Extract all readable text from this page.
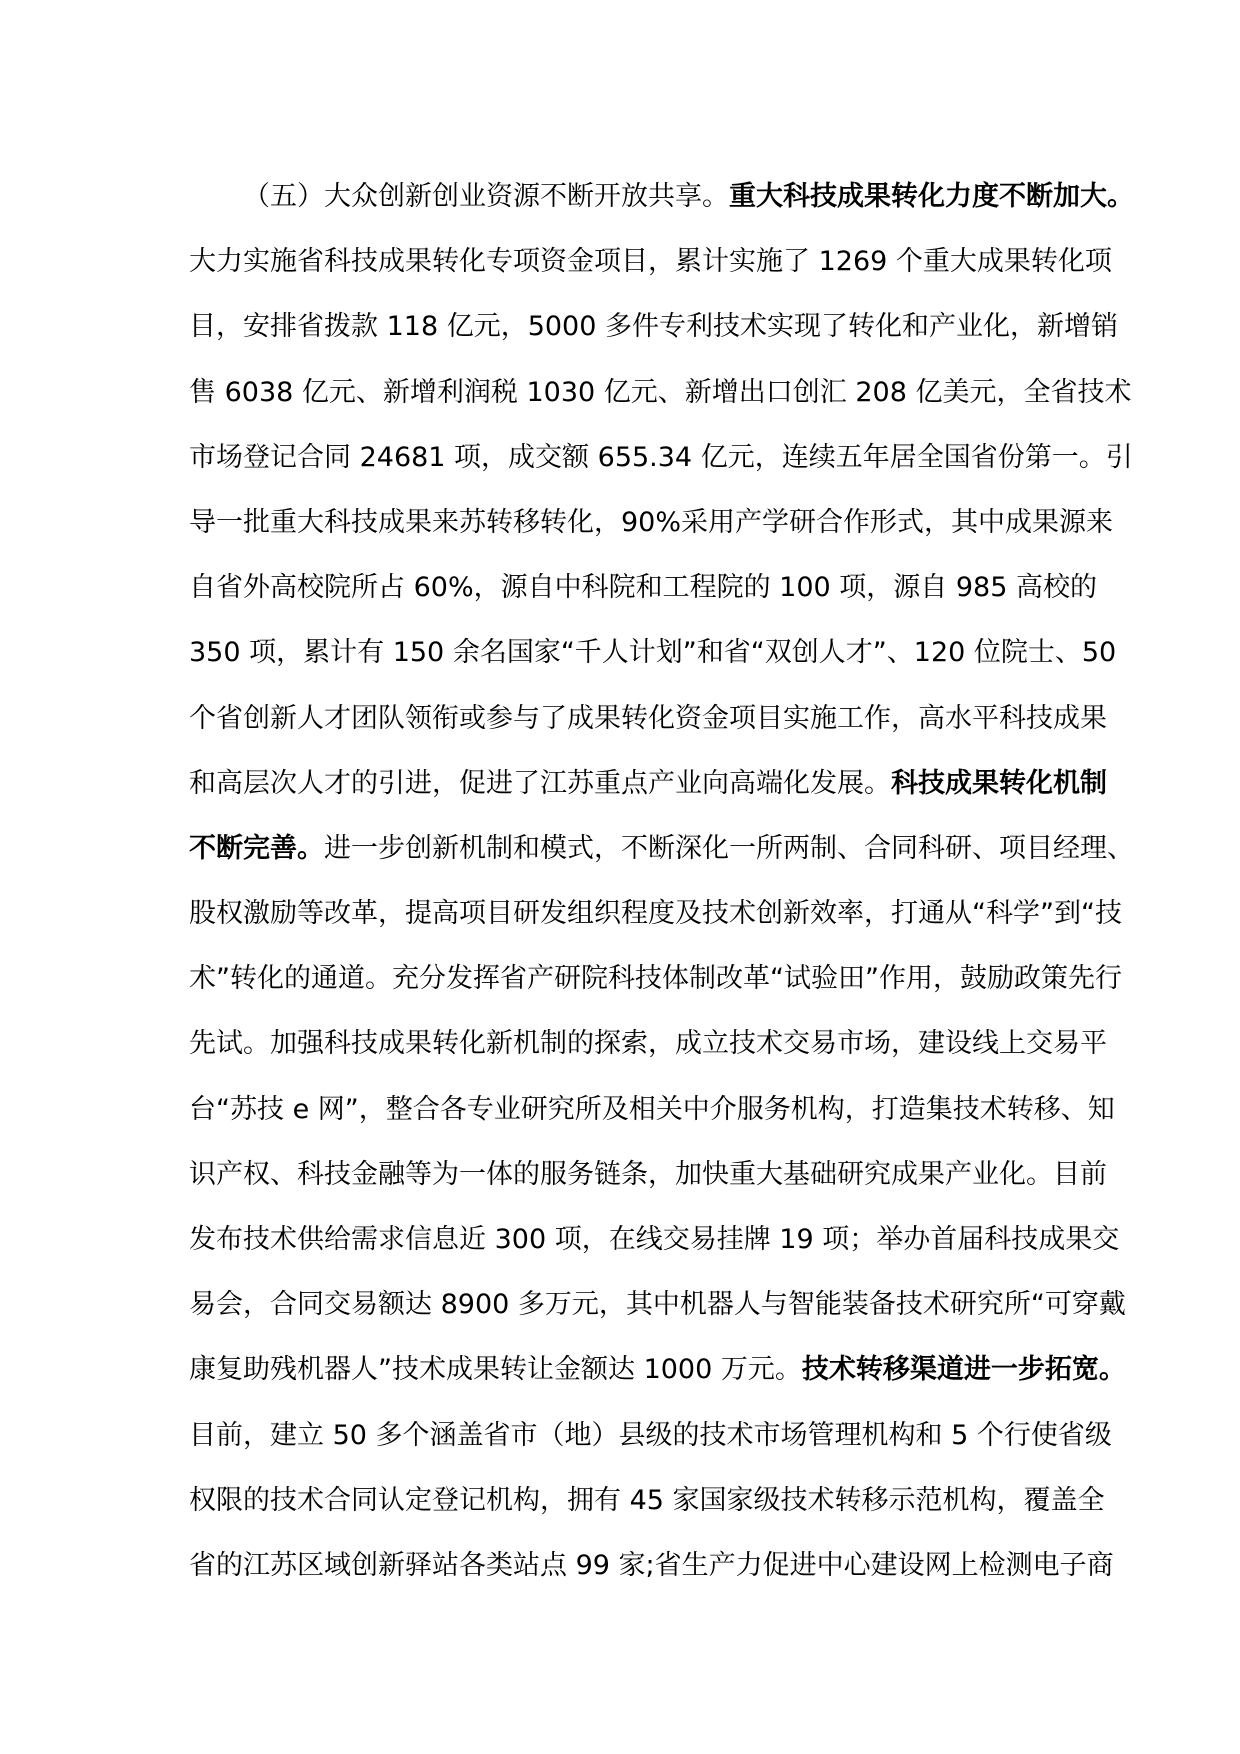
（五）大众创新创业资源不断开放共享。重大科技成果转化力度不断加大。
大力实施省科技成果转化专项资金项目，累计实施了 1269 个重大成果转化项
目，安排省拨款 118 亿元，5000 多件专利技术实现了转化和产业化，新增销
售 6038 亿元、新增利润税 1030 亿元、新增出口创汇 208 亿美元，全省技术
市场登记合同 24681 项，成交额 655.34 亿元，连续五年居全国省份第一。引
导一批重大科技成果来苏转移转化，90%采用产学研合作形式，其中成果源来
自省外高校院所占 60%，源自中科院和工程院的 100 项，源自 985 高校的
350 项，累计有 150 余名国家“千人计划”和省“双创人才”、120 位院士、50
个省创新人才团队领衔或参与了成果转化资金项目实施工作，高水平科技成果
和高层次人才的引进，促进了江苏重点产业向高端化发展。科技成果转化机制
不断完善。进一步创新机制和模式，不断深化一所两制、合同科研、项目经理、
股权激励等改革，提高项目研发组织程度及技术创新效率，打通从“科学”到“技
术”转化的通道。充分发挥省产研院科技体制改革“试验田”作用，鼓励政策先行
先试。加强科技成果转化新机制的探索，成立技术交易市场，建设线上交易平
台“苏技 e 网”，整合各专业研究所及相关中介服务机构，打造集技术转移、知
识产权、科技金融等为一体的服务链条，加快重大基础研究成果产业化。目前
发布技术供给需求信息近 300 项，在线交易挂牌 19 项；举办首届科技成果交
易会，合同交易额达 8900 多万元，其中机器人与智能装备技术研究所“可穿戴
康复助残机器人”技术成果转让金额达 1000 万元。技术转移渠道进一步拓宽。
目前，建立 50 多个涵盖省市（地）县级的技术市场管理机构和 5 个行使省级
权限的技术合同认定登记机构，拥有 45 家国家级技术转移示范机构，覆盖全
省的江苏区域创新驿站各类站点 99 家;省生产力促进中心建设网上检测电子商
